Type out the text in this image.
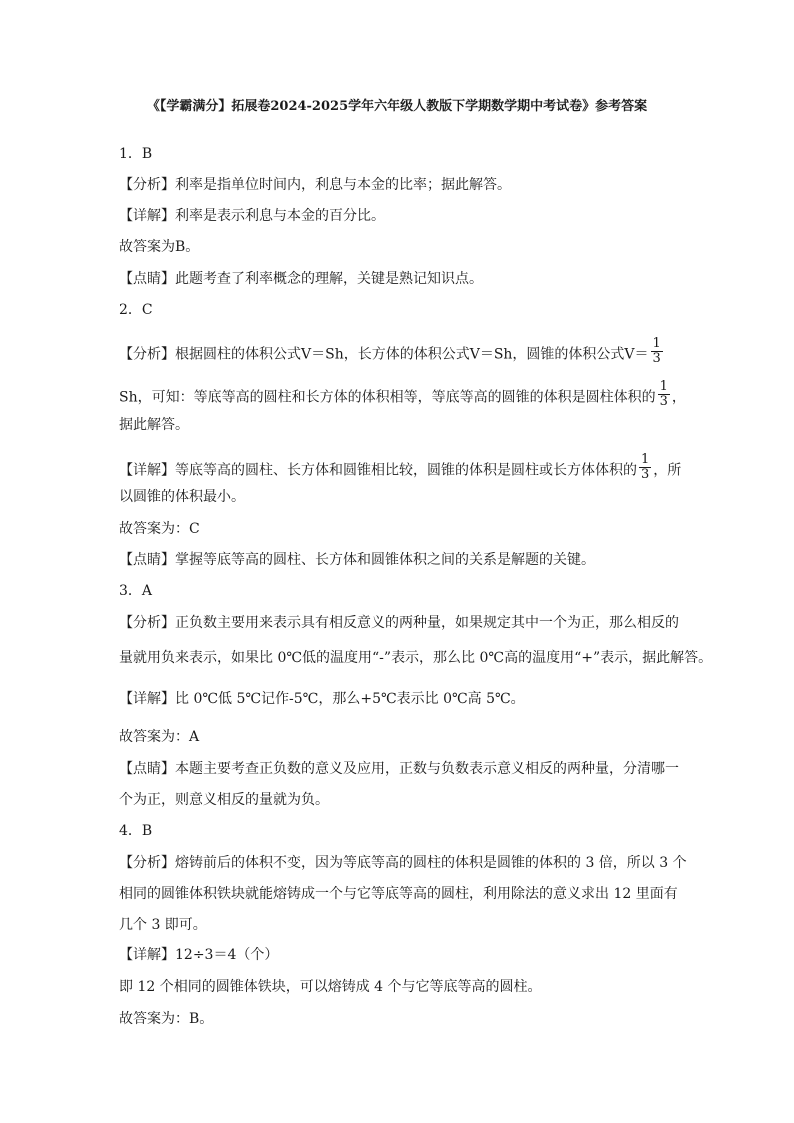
《【学霸满分】拓展卷2024-2025学年六年级人教版下学期数学期中考试卷》参考答案
1．B
【分析】利率是指单位时间内，利息与本金的比率；据此解答。
【详解】利率是表示利息与本金的百分比。
故答案为B。
【点睛】此题考查了利率概念的理解，关键是熟记知识点。
2．C
【分析】根据圆柱的体积公式V＝Sh，长方体的体积公式V＝Sh，圆锥的体积公式$V= \frac{1}{3}$
Sh，可知：等底等高的圆柱和长方体的体积相等，等底等高的圆锥的体积是圆柱体积的 $\frac{1}{3}$ ，
据此解答。
【详解】等底等高的圆柱、长方体和圆锥相比较，圆锥的体积是圆柱或长方体体积的 $\frac{1}{3}$ ，所
以圆锥的体积最小。
故答案为：C
【点睛】掌握等底等高的圆柱、长方体和圆锥体积之间的关系是解题的关键。
3．A
【分析】正负数主要用来表示具有相反意义的两种量，如果规定其中一个为正，那么相反的
量就用负来表示，如果比 0℃低的温度用“-”表示，那么比 0℃高的温度用“+”表示，据此解答。
【详解】比 0℃低 5℃记作-5℃，那么+5℃表示比 0℃高 5℃。
故答案为：A
【点睛】本题主要考查正负数的意义及应用，正数与负数表示意义相反的两种量，分清哪一
个为正，则意义相反的量就为负。
4．B
【分析】熔铸前后的体积不变，因为等底等高的圆柱的体积是圆锥的体积的 3 倍，所以 3 个
相同的圆锥体积铁块就能熔铸成一个与它等底等高的圆柱，利用除法的意义求出 12 里面有
几个 3 即可。
【详解】12÷3＝4（个）
即 12 个相同的圆锥体铁块，可以熔铸成 4 个与它等底等高的圆柱。
故答案为：B。
